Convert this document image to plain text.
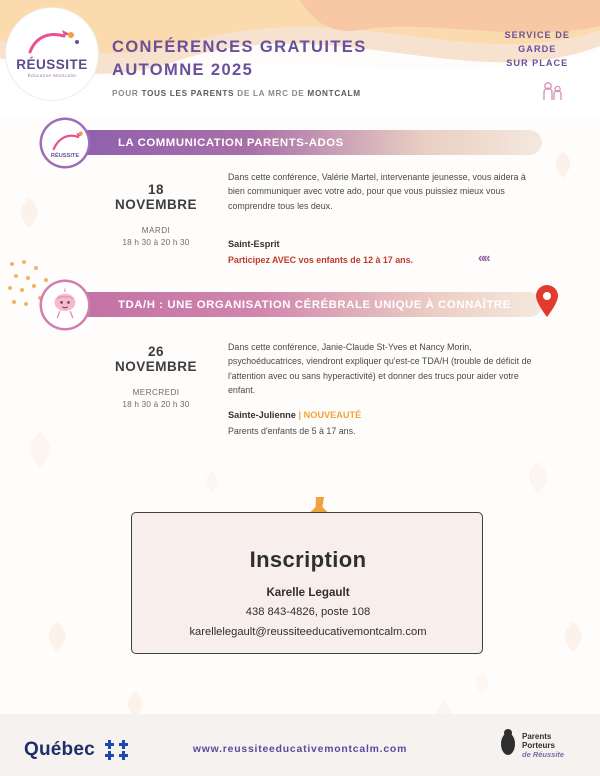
RÉUSSITE
Éducative Montcalm
CONFÉRENCES GRATUITES
AUTOMNE 2025
POUR TOUS LES PARENTS DE LA MRC DE MONTCALM
SERVICE DE
GARDE
SUR PLACE
LA COMMUNICATION PARENTS-ADOS
RÉUSSITE
18
NOVEMBRE
MARDI
18 h 30 à 20 h 30
Dans cette conférence, Valérie Martel, intervenante jeunesse, vous aidera à bien communiquer avec votre ado, pour que vous puissiez mieux vous comprendre tous les deux.
Saint-Esprit
Participez AVEC vos enfants de 12 à 17 ans.	««
TDA/H : UNE ORGANISATION CÉRÉBRALE UNIQUE À CONNAÎTRE
26
NOVEMBRE
MERCREDI
18 h 30 à 20 h 30
Dans cette conférence, Janie-Claude St-Yves et Nancy Morin, psychoéducatrices, viendront expliquer qu'est-ce TDA/H (trouble de déficit de l'attention avec ou sans hyperactivité) et donner des trucs pour aider votre enfant.
Sainte-Julienne | NOUVEAUTÉ
Parents d'enfants de 5 à 17 ans.
Inscription
Karelle Legault
438 843-4826, poste 108
karellelegault@reussiteeducativemontcalm.com
Québec	www.reussiteeducativemontcalm.com
Parents
Porteurs
de Réussite
